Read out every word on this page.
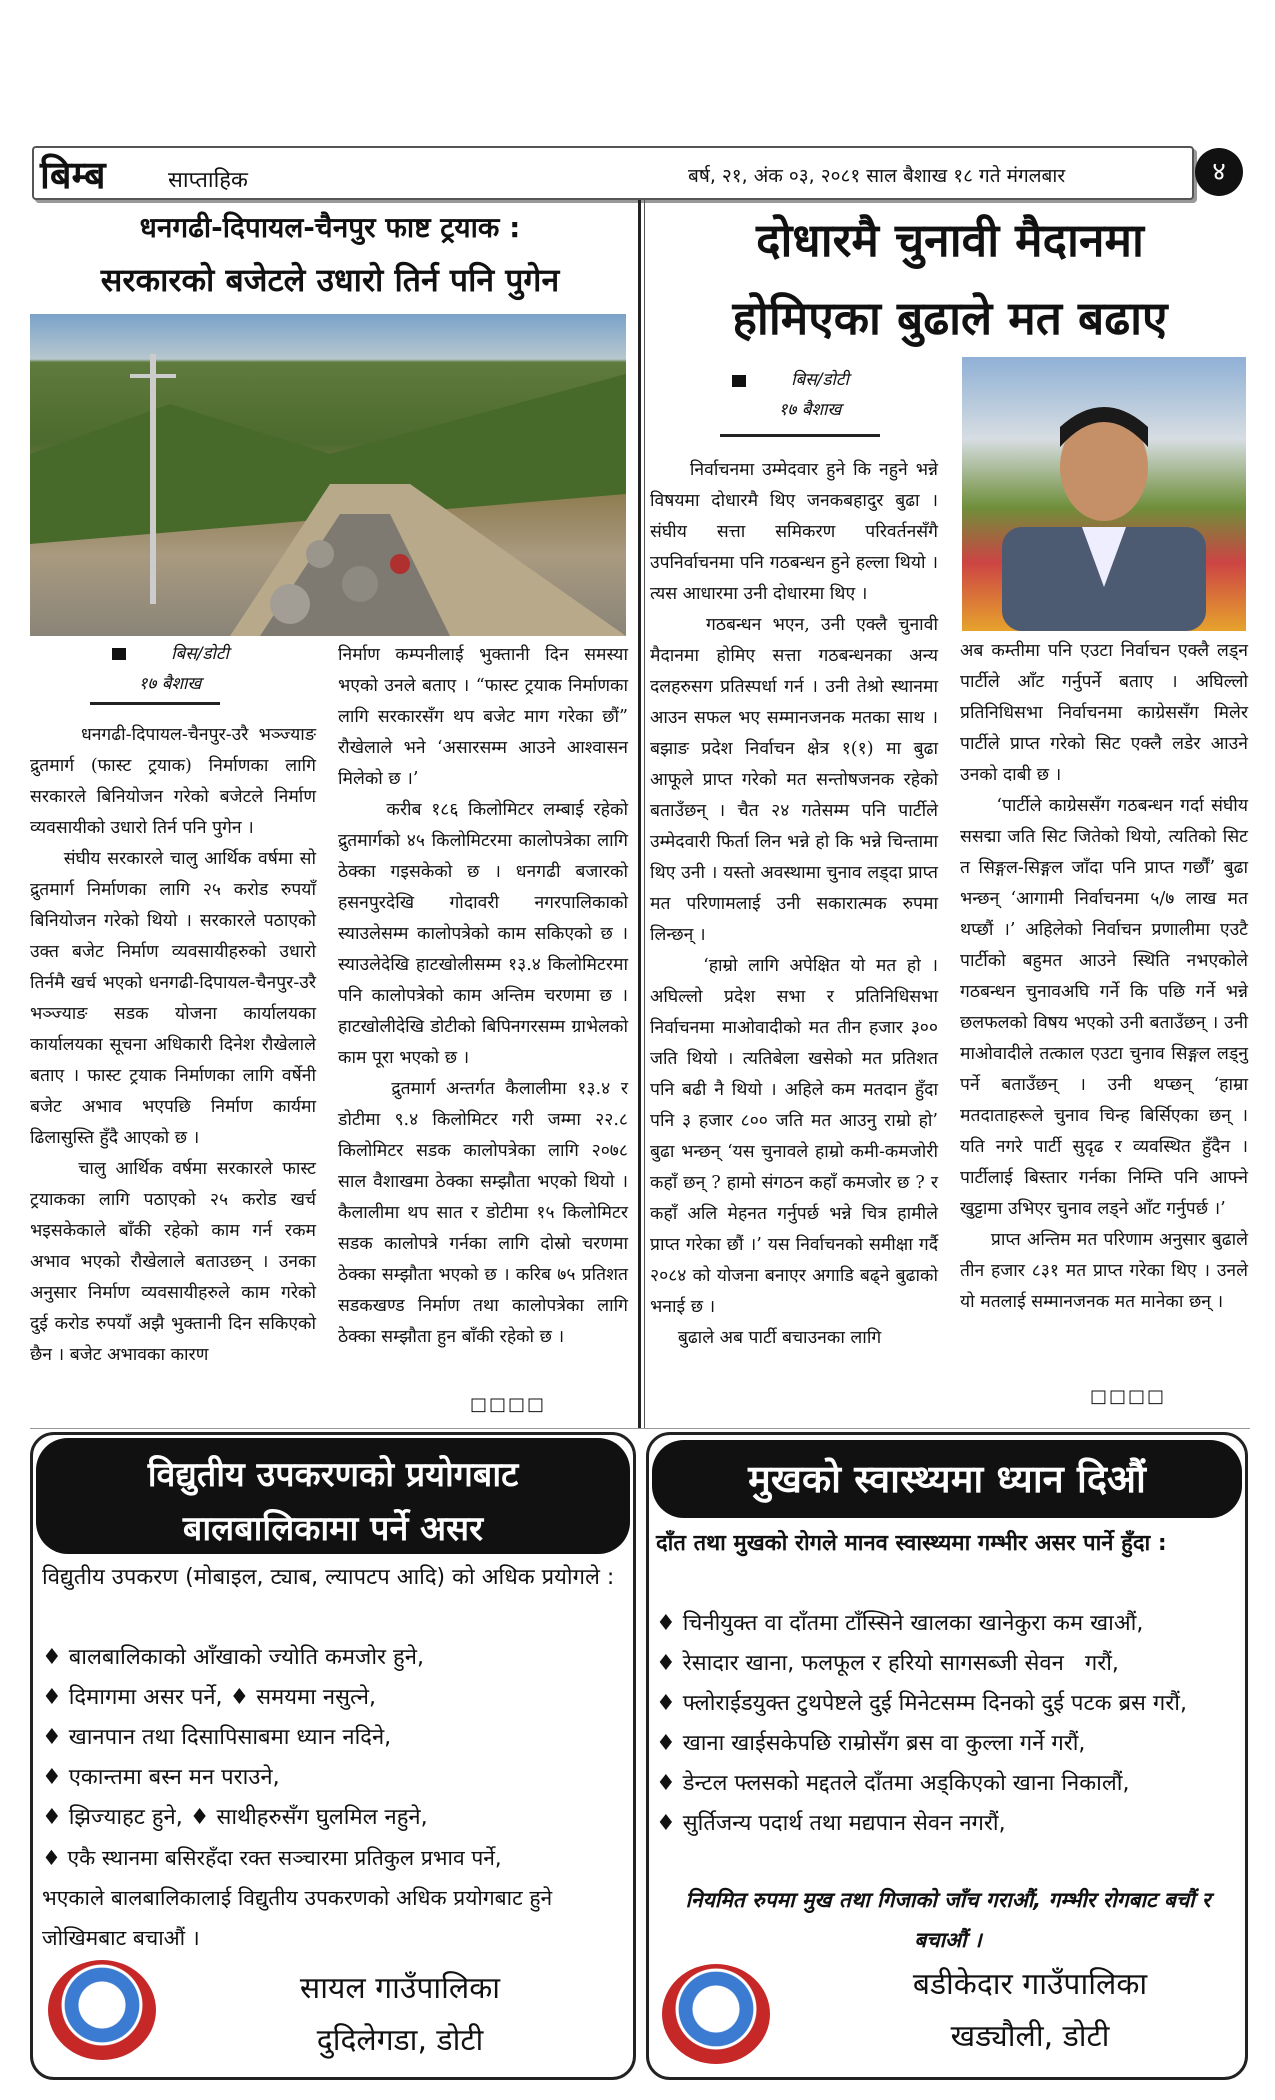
बिम्ब	साप्ताहिक	बर्ष, २१, अंक ०३, २०८१ साल बैशाख १८ गते मंगलबार	४
धनगढी-दिपायल-चैनपुर फाष्ट ट्रयाक :
सरकारको बजेटले उधारो तिर्न पनि पुगेन
बिस/डोटी
१७ बैशाख
धनगढी-दिपायल-चैनपुर-उरै भञ्ज्याङ द्रुतमार्ग (फास्ट ट्रयाक) निर्माणका लागि सरकारले बिनियोजन गरेको बजेटले निर्माण व्यवसायीको उधारो तिर्न पनि पुगेन ।
संघीय सरकारले चालु आर्थिक वर्षमा सो द्रुतमार्ग निर्माणका लागि २५ करोड रुपयाँ बिनियोजन गरेको थियो । सरकारले पठाएको उक्त बजेट निर्माण व्यवसायीहरुको उधारो तिर्नमै खर्च भएको धनगढी-दिपायल-चैनपुर-उरै भञ्ज्याङ सडक योजना कार्यालयका कार्यालयका सूचना अधिकारी दिनेश रौखेलाले बताए । फास्ट ट्रयाक निर्माणका लागि वर्षेनी बजेट अभाव भएपछि निर्माण कार्यमा ढिलासुस्ति हुँदै आएको छ ।
चालु आर्थिक वर्षमा सरकारले फास्ट ट्रयाकका लागि पठाएको २५ करोड खर्च भइसकेकाले बाँकी रहेको काम गर्न रकम अभाव भएको रौखेलाले बताउछन् । उनका अनुसार निर्माण व्यवसायीहरुले काम गरेको दुई करोड रुपयाँ अझै भुक्तानी दिन सकिएको छैन । बजेट अभावका कारण
निर्माण कम्पनीलाई भुक्तानी दिन समस्या भएको उनले बताए । “फास्ट ट्रयाक निर्माणका लागि सरकारसँग थप बजेट माग गरेका छौं” रौखेलाले भने ‘असारसम्म आउने आश्वासन मिलेको छ ।’
करीब १८६ किलोमिटर लम्बाई रहेको द्रुतमार्गको ४५ किलोमिटरमा कालोपत्रेका लागि ठेक्का गइसकेको छ । धनगढी बजारको हसनपुरदेखि गोदावरी नगरपालिकाको स्याउलेसम्म कालोपत्रेको काम सकिएको छ । स्याउलेदेखि हाटखोलीसम्म १३.४ किलोमिटरमा पनि कालोपत्रेको काम अन्तिम चरणमा छ । हाटखोलीदेखि डोटीको बिपिनगरसम्म ग्राभेलको काम पूरा भएको छ ।
द्रुतमार्ग अन्तर्गत कैलालीमा १३.४ र डोटीमा ९.४ किलोमिटर गरी जम्मा २२.८ किलोमिटर सडक कालोपत्रेका लागि २०७८ साल वैशाखमा ठेक्का सम्झौता भएको थियो । कैलालीमा थप सात र डोटीमा १५ किलोमिटर सडक कालोपत्रे गर्नका लागि दोस्रो चरणमा ठेक्का सम्झौता भएको छ । करिब ७५ प्रतिशत सडकखण्ड निर्माण तथा कालोपत्रेका लागि ठेक्का सम्झौता हुन बाँकी रहेको छ ।
□□□□
दोधारमै चुनावी मैदानमा
होमिएका बुढाले मत बढाए
बिस/डोटी
१७ बैशाख
निर्वाचनमा उम्मेदवार हुने कि नहुने भन्ने विषयमा दोधारमै थिए जनकबहादुर बुढा । संघीय सत्ता समिकरण परिवर्तनसँगै उपनिर्वाचनमा पनि गठबन्धन हुने हल्ला थियो । त्यस आधारमा उनी दोधारमा थिए ।
गठबन्धन भएन, उनी एक्लै चुनावी मैदानमा होमिए सत्ता गठबन्धनका अन्य दलहरुसग प्रतिस्पर्धा गर्न । उनी तेश्रो स्थानमा आउन सफल भए सम्मानजनक मतका साथ । बझाङ प्रदेश निर्वाचन क्षेत्र १(१) मा बुढा आफूले प्राप्त गरेको मत सन्तोषजनक रहेको बताउँछन् । चैत २४ गतेसम्म पनि पार्टीले उम्मेदवारी फिर्ता लिन भन्ने हो कि भन्ने चिन्तामा थिए उनी । यस्तो अवस्थामा चुनाव लड्दा प्राप्त मत परिणामलाई उनी सकारात्मक रुपमा लिन्छन् ।
‘हाम्रो लागि अपेक्षित यो मत हो । अघिल्लो प्रदेश सभा र प्रतिनिधिसभा निर्वाचनमा माओवादीको मत तीन हजार ३०० जति थियो । त्यतिबेला खसेको मत प्रतिशत पनि बढी नै थियो । अहिले कम मतदान हुँदा पनि ३ हजार ८०० जति मत आउनु राम्रो हो’ बुढा भन्छन् ‘यस चुनावले हाम्रो कमी-कमजोरी कहाँ छन् ? हामो संगठन कहाँ कमजोर छ ? र कहाँ अलि मेहनत गर्नुपर्छ भन्ने चित्र हामीले प्राप्त गरेका छौं ।’ यस निर्वाचनको समीक्षा गर्दै २०८४ को योजना बनाएर अगाडि बढ्ने बुढाको भनाई छ ।
बुढाले अब पार्टी बचाउनका लागि
अब कम्तीमा पनि एउटा निर्वाचन एक्लै लड्न पार्टीले आँट गर्नुपर्ने बताए । अघिल्लो प्रतिनिधिसभा निर्वाचनमा काग्रेससँग मिलेर पार्टीले प्राप्त गरेको सिट एक्लै लडेर आउने उनको दाबी छ ।
‘पार्टीले काग्रेससँग गठबन्धन गर्दा संघीय ससद्मा जति सिट जितेको थियो, त्यतिको सिट त सिङ्गल-सिङ्गल जाँदा पनि प्राप्त गर्छौं’ बुढा भन्छन् ‘आगामी निर्वाचनमा ५/७ लाख मत थप्छौं ।’ अहिलेको निर्वाचन प्रणालीमा एउटै पार्टीको बहुमत आउने स्थिति नभएकोले गठबन्धन चुनावअघि गर्ने कि पछि गर्ने भन्ने छलफलको विषय भएको उनी बताउँछन् । उनी माओवादीले तत्काल एउटा चुनाव सिङ्गल लड्नु पर्ने बताउँछन् । उनी थप्छन् ‘हाम्रा मतदाताहरूले चुनाव चिन्ह बिर्सिएका छन् । यति नगरे पार्टी सुदृढ र व्यवस्थित हुँदैन । पार्टीलाई बिस्तार गर्नका निम्ति पनि आफ्ने खुट्टामा उभिएर चुनाव लड्ने आँट गर्नुपर्छ ।’
प्राप्त अन्तिम मत परिणाम अनुसार बुढाले तीन हजार ८३१ मत प्राप्त गरेका थिए । उनले यो मतलाई सम्मानजनक मत मानेका छन् ।
□□□□
विद्युतीय उपकरणको प्रयोगबाट
बालबालिकामा पर्ने असर
विद्युतीय उपकरण (मोबाइल, ट्याब, ल्यापटप आदि) को अधिक प्रयोगले :
♦ बालबालिकाको आँखाको ज्योति कमजोर हुने,
♦ दिमागमा असर पर्ने, ♦ समयमा नसुत्ने,
♦ खानपान तथा दिसापिसाबमा ध्यान नदिने,
♦ एकान्तमा बस्न मन पराउने,
♦ झिज्याहट हुने, ♦ साथीहरुसँग घुलमिल नहुने,
♦ एकै स्थानमा बसिरहँदा रक्त सञ्चारमा प्रतिकुल प्रभाव पर्ने,
भएकाले बालबालिकालाई विद्युतीय उपकरणको अधिक प्रयोगबाट हुने जोखिमबाट बचाऔं ।
सायल गाउँपालिका
दुदिलेगडा, डोटी
मुखको स्वास्थ्यमा ध्यान दिऔं
दाँत तथा मुखको रोगले मानव स्वास्थ्यमा गम्भीर असर पार्ने हुँदा :
♦ चिनीयुक्त वा दाँतमा टाँस्सिने खालका खानेकुरा कम खाऔं,
♦ रेसादार खाना, फलफूल र हरियो सागसब्जी सेवन   गरौं,
♦ फ्लोराईडयुक्त टुथपेष्टले दुई मिनेटसम्म दिनको दुई पटक ब्रस गरौं,
♦ खाना खाईसकेपछि राम्रोसँग ब्रस वा कुल्ला गर्ने गरौं,
♦ डेन्टल फ्लसको मद्दतले दाँतमा अड्किएको खाना निकालौं,
♦ सुर्तिजन्य पदार्थ तथा मद्यपान सेवन नगरौं,
नियमित रुपमा मुख तथा गिजाको जाँच गराऔं, गम्भीर रोगबाट बचौं र बचाऔं ।
बडीकेदार गाउँपालिका
खड्यौली, डोटी
